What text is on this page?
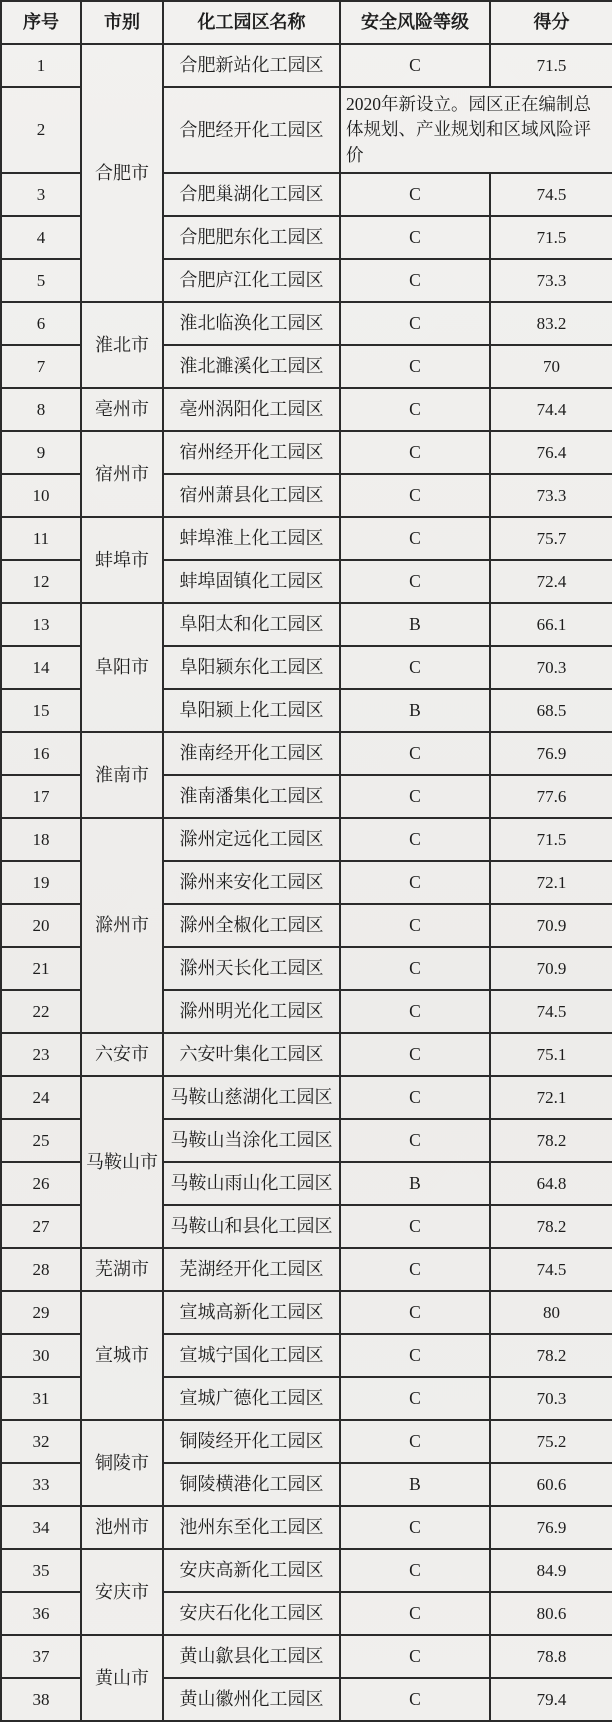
序号	市别	化工园区名称	安全风险等级	得分
1	合肥市	合肥新站化工园区	C	71.5
2		合肥经开化工园区	2020年新设立。园区正在编制总体规划、产业规划和区域风险评价	
3		合肥巢湖化工园区	C	74.5
4		合肥肥东化工园区	C	71.5
5		合肥庐江化工园区	C	73.3
6	淮北市	淮北临涣化工园区	C	83.2
7		淮北濉溪化工园区	C	70
8	亳州市	亳州涡阳化工园区	C	74.4
9	宿州市	宿州经开化工园区	C	76.4
10		宿州萧县化工园区	C	73.3
11	蚌埠市	蚌埠淮上化工园区	C	75.7
12		蚌埠固镇化工园区	C	72.4
13	阜阳市	阜阳太和化工园区	B	66.1
14		阜阳颍东化工园区	C	70.3
15		阜阳颍上化工园区	B	68.5
16	淮南市	淮南经开化工园区	C	76.9
17		淮南潘集化工园区	C	77.6
18	滁州市	滁州定远化工园区	C	71.5
19		滁州来安化工园区	C	72.1
20		滁州全椒化工园区	C	70.9
21		滁州天长化工园区	C	70.9
22		滁州明光化工园区	C	74.5
23	六安市	六安叶集化工园区	C	75.1
24	马鞍山市	马鞍山慈湖化工园区	C	72.1
25		马鞍山当涂化工园区	C	78.2
26		马鞍山雨山化工园区	B	64.8
27		马鞍山和县化工园区	C	78.2
28	芜湖市	芜湖经开化工园区	C	74.5
29	宣城市	宣城高新化工园区	C	80
30		宣城宁国化工园区	C	78.2
31		宣城广德化工园区	C	70.3
32	铜陵市	铜陵经开化工园区	C	75.2
33		铜陵横港化工园区	B	60.6
34	池州市	池州东至化工园区	C	76.9
35	安庆市	安庆高新化工园区	C	84.9
36		安庆石化化工园区	C	80.6
37	黄山市	黄山歙县化工园区	C	78.8
38		黄山徽州化工园区	C	79.4
